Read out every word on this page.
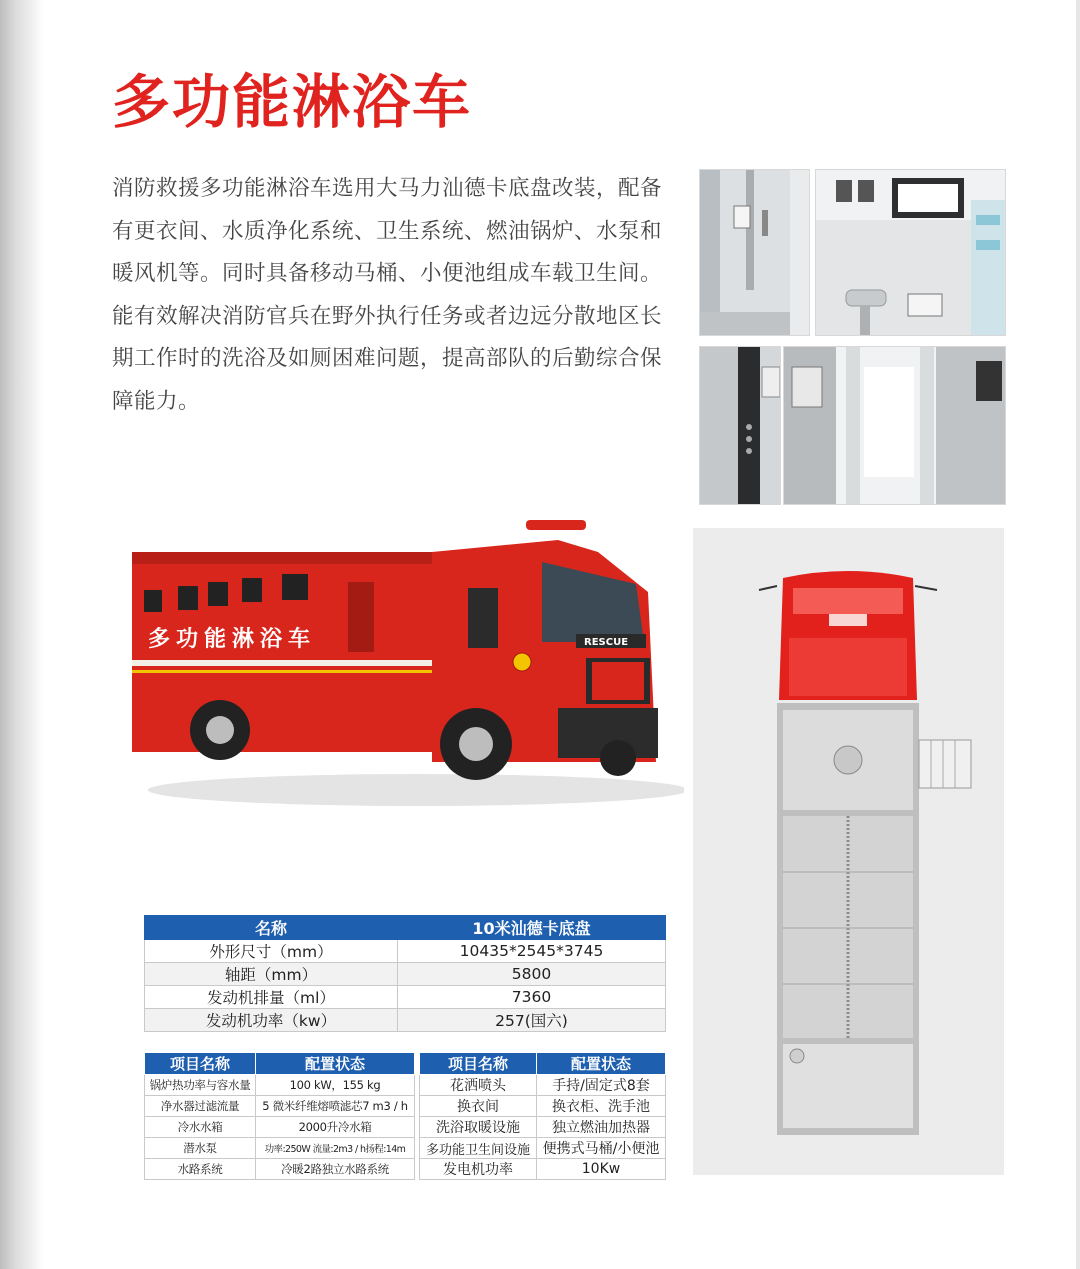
多功能淋浴车

消防救援多功能淋浴车选用大马力汕德卡底盘改装，配备有更衣间、水质净化系统、卫生系统、燃油锅炉、水泵和暖风机等。同时具备移动马桶、小便池组成车载卫生间。能有效解决消防官兵在野外执行任务或者边远分散地区长期工作时的洗浴及如厕困难问题，提高部队的后勤综合保障能力。

多功能淋浴车	RESCUE
名称	10米汕德卡底盘
外形尺寸（mm）	10435*2545*3745
轴距（mm）	5800
发动机排量（ml）	7360
发动机功率（kw）	257(国六)
项目名称	配置状态		项目名称	配置状态
锅炉热功率与容水量	100 kW，155 kg		花洒喷头	手持/固定式8套
净水器过滤流量	5 微米纤维熔喷滤芯7 m3 / h		换衣间	换衣柜、洗手池
冷水水箱	2000升冷水箱		洗浴取暖设施	独立燃油加热器
潜水泵	功率:250W 流量:2m3 / h扬程:14m		多功能卫生间设施	便携式马桶/小便池
水路系统	冷暖2路独立水路系统		发电机功率	10Kw
